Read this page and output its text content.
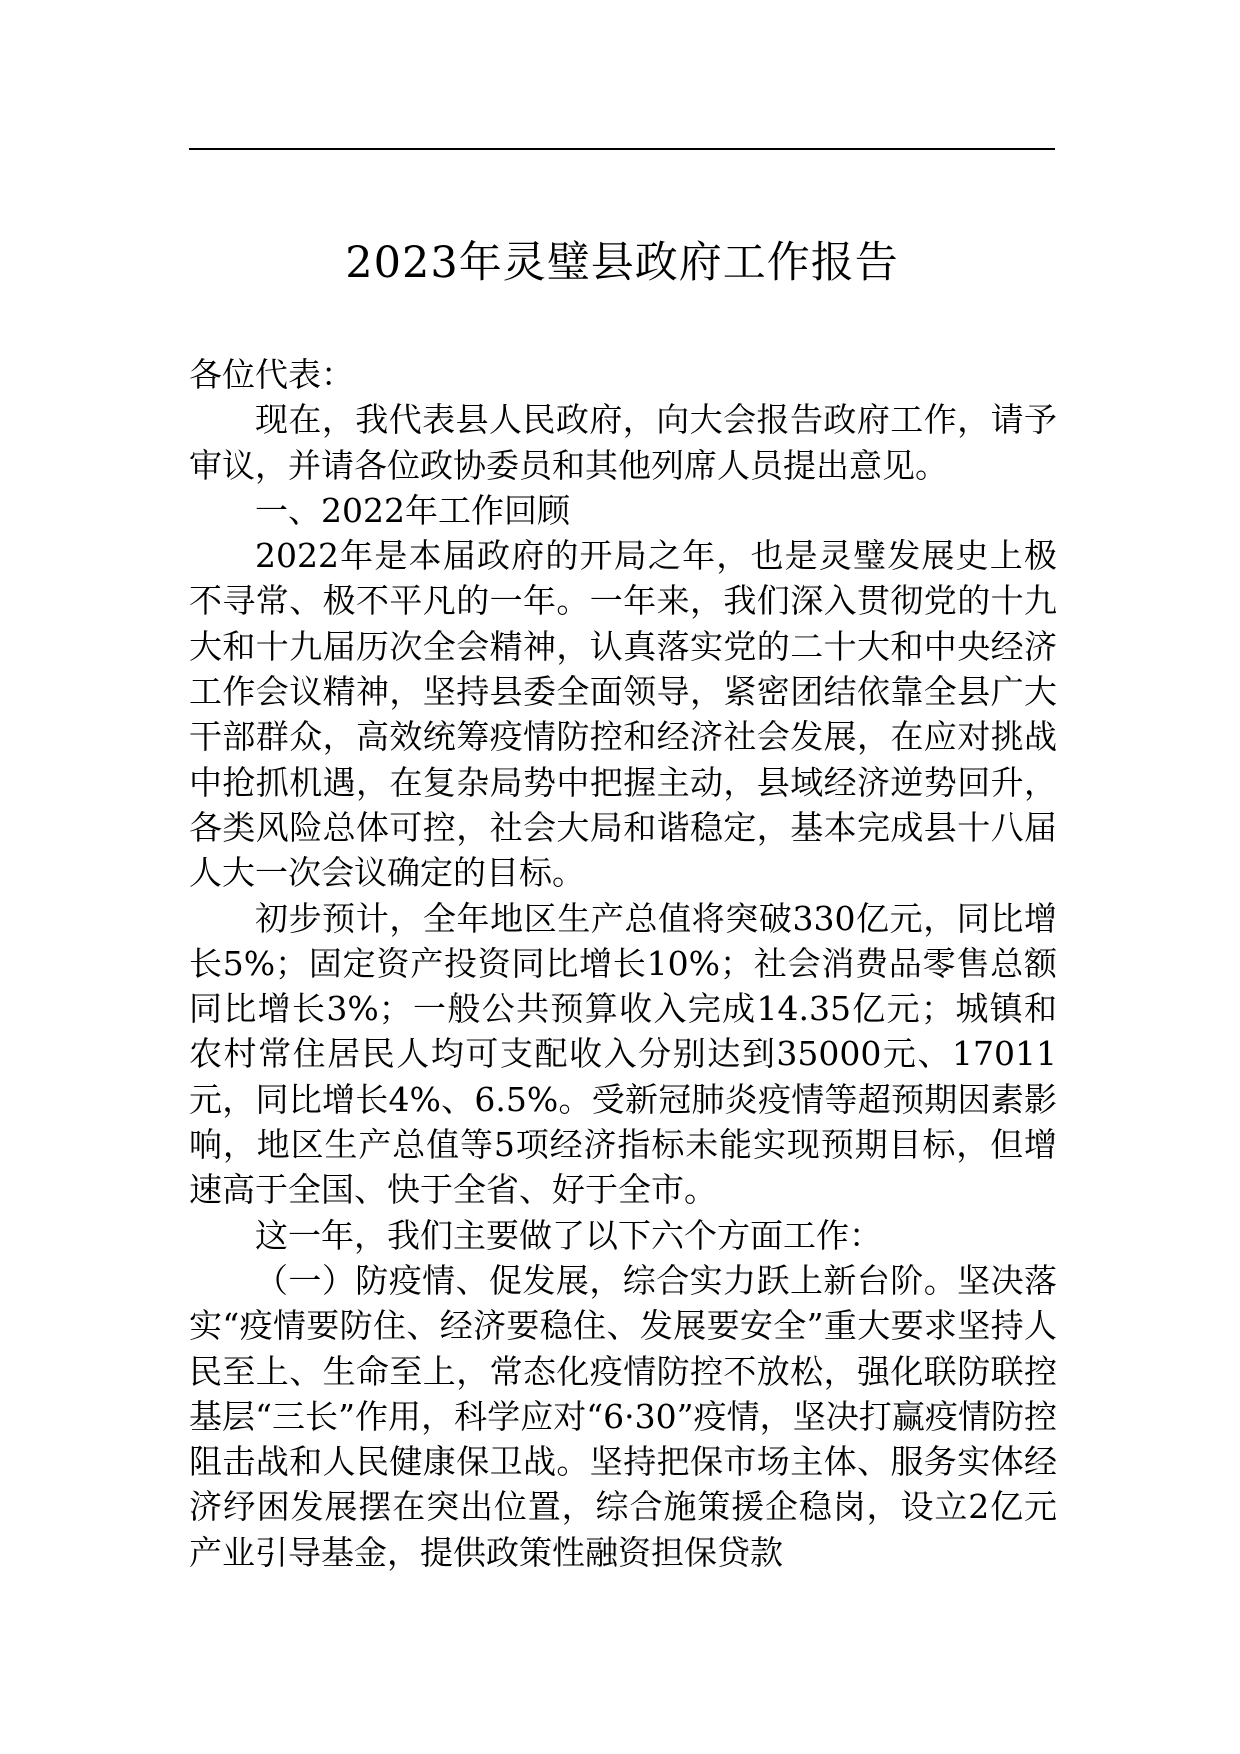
2023年灵璧县政府工作报告

各位代表：

现在，我代表县人民政府，向大会报告政府工作，请予审议，并请各位政协委员和其他列席人员提出意见。

一、2022年工作回顾

2022年是本届政府的开局之年，也是灵璧发展史上极不寻常、极不平凡的一年。一年来，我们深入贯彻党的十九大和十九届历次全会精神，认真落实党的二十大和中央经济工作会议精神，坚持县委全面领导，紧密团结依靠全县广大干部群众，高效统筹疫情防控和经济社会发展，在应对挑战中抢抓机遇，在复杂局势中把握主动，县域经济逆势回升，各类风险总体可控，社会大局和谐稳定，基本完成县十八届人大一次会议确定的目标。

初步预计，全年地区生产总值将突破330亿元，同比增长5%；固定资产投资同比增长10%；社会消费品零售总额同比增长3%；一般公共预算收入完成14.35亿元；城镇和农村常住居民人均可支配收入分别达到35000元、17011元，同比增长4%、6.5%。受新冠肺炎疫情等超预期因素影响，地区生产总值等5项经济指标未能实现预期目标，但增速高于全国、快于全省、好于全市。

这一年，我们主要做了以下六个方面工作：

（一）防疫情、促发展，综合实力跃上新台阶。坚决落实“疫情要防住、经济要稳住、发展要安全”重大要求坚持人民至上、生命至上，常态化疫情防控不放松，强化联防联控基层“三长”作用，科学应对“6·30”疫情，坚决打赢疫情防控阻击战和人民健康保卫战。坚持把保市场主体、服务实体经济纾困发展摆在突出位置，综合施策援企稳岗，设立2亿元产业引导基金，提供政策性融资担保贷款
